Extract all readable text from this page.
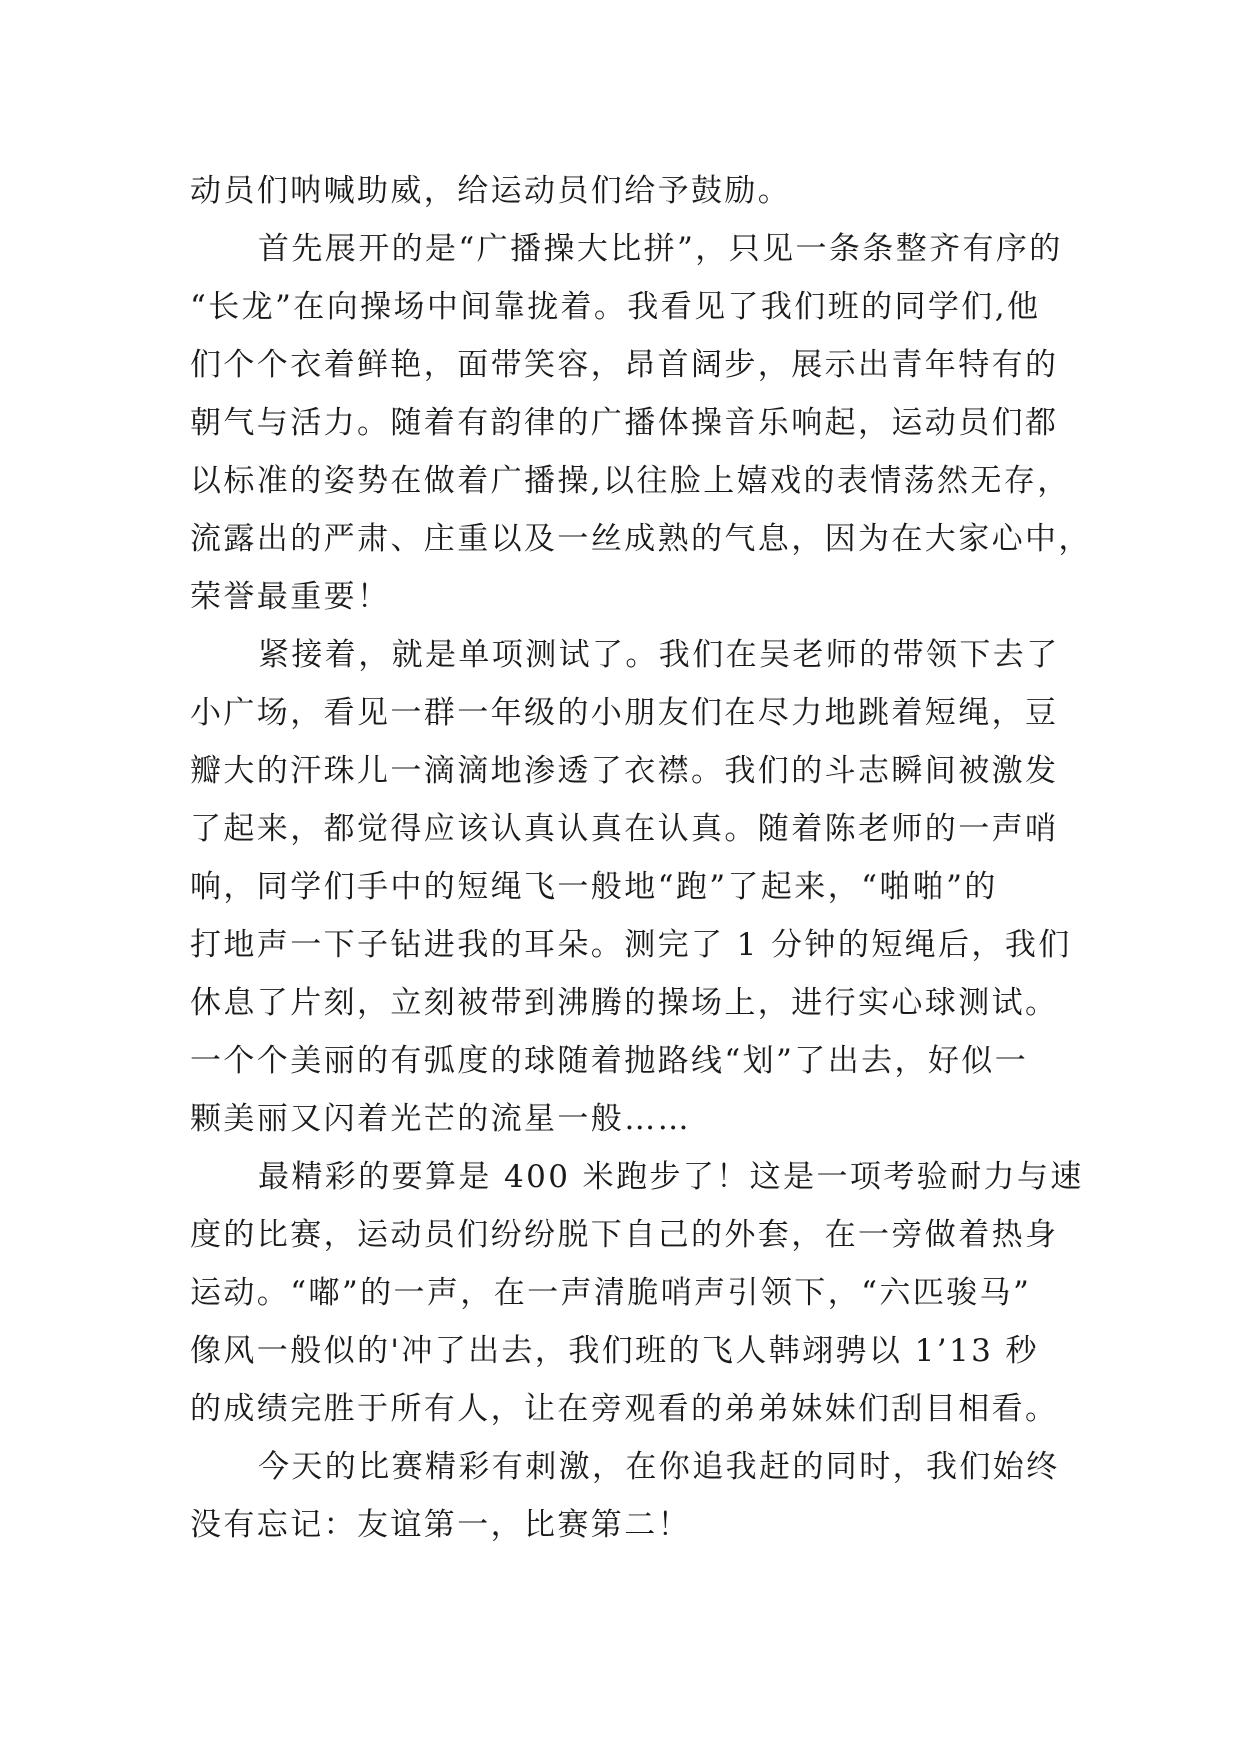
动员们呐喊助威，给运动员们给予鼓励。
首先展开的是“广播操大比拼”，只见一条条整齐有序的
“长龙”在向操场中间靠拢着。我看见了我们班的同学们,他
们个个衣着鲜艳，面带笑容，昂首阔步，展示出青年特有的
朝气与活力。随着有韵律的广播体操音乐响起，运动员们都
以标准的姿势在做着广播操,以往脸上嬉戏的表情荡然无存，
流露出的严肃、庄重以及一丝成熟的气息，因为在大家心中，
荣誉最重要！
紧接着，就是单项测试了。我们在吴老师的带领下去了
小广场，看见一群一年级的小朋友们在尽力地跳着短绳，豆
瓣大的汗珠儿一滴滴地渗透了衣襟。我们的斗志瞬间被激发
了起来，都觉得应该认真认真在认真。随着陈老师的一声哨
响，同学们手中的短绳飞一般地“跑”了起来，“啪啪”的
打地声一下子钻进我的耳朵。测完了 1 分钟的短绳后，我们
休息了片刻，立刻被带到沸腾的操场上，进行实心球测试。
一个个美丽的有弧度的球随着抛路线“划”了出去，好似一
颗美丽又闪着光芒的流星一般……
最精彩的要算是 400 米跑步了！这是一项考验耐力与速
度的比赛，运动员们纷纷脱下自己的外套，在一旁做着热身
运动。“嘟”的一声，在一声清脆哨声引领下，“六匹骏马”
像风一般似的'冲了出去，我们班的飞人韩翊骋以 1’13 秒
的成绩完胜于所有人，让在旁观看的弟弟妹妹们刮目相看。
今天的比赛精彩有刺激，在你追我赶的同时，我们始终
没有忘记：友谊第一，比赛第二！
